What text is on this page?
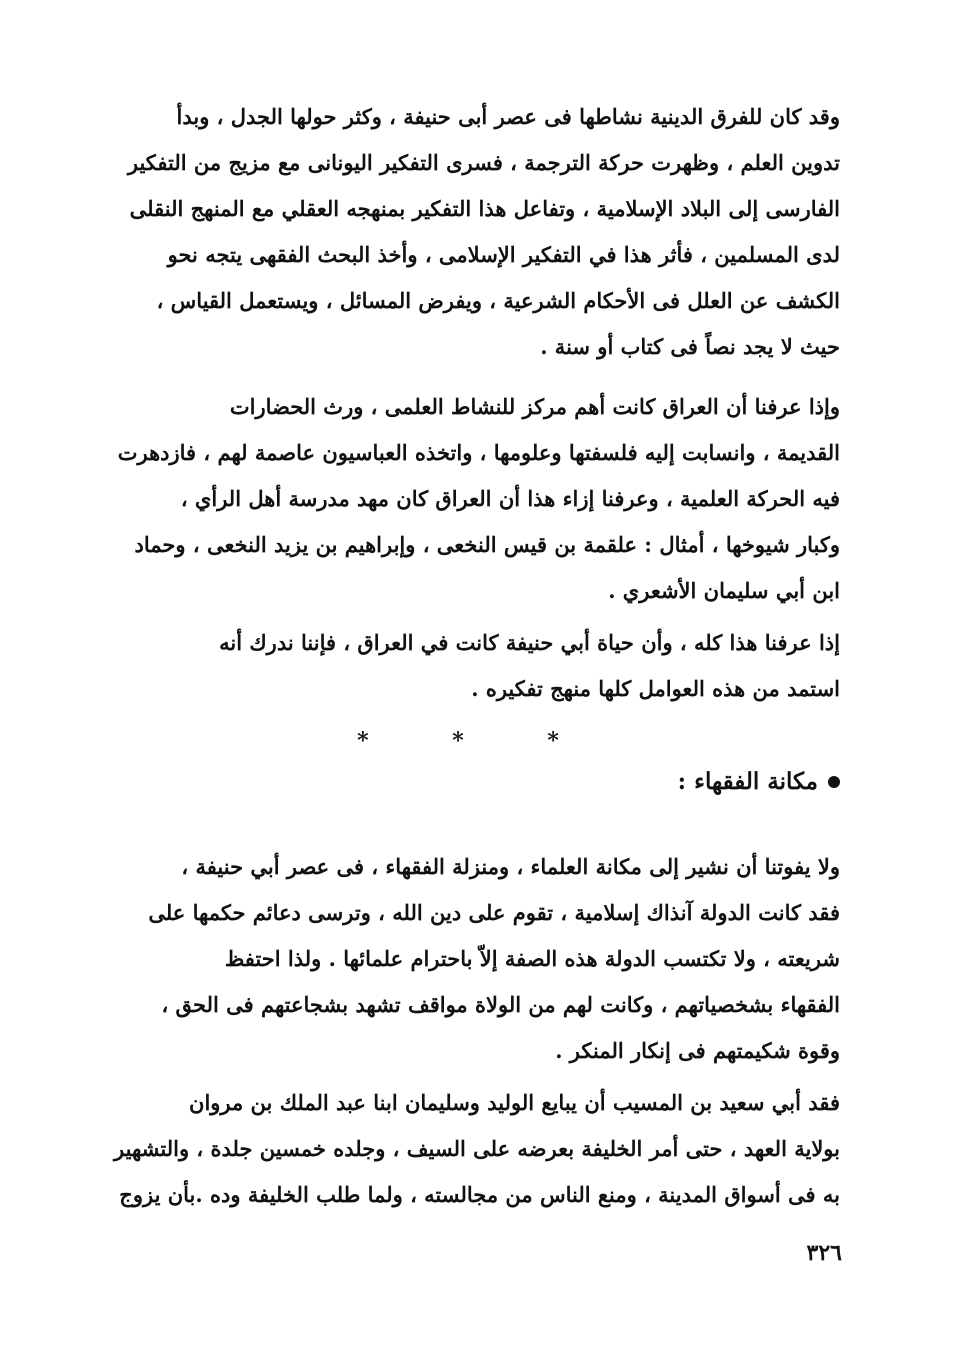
وقد كان للفرق الدينية نشاطها فى عصر أبى حنيفة ، وكثر حولها الجدل ، وبدأ
تدوين العلم ، وظهرت حركة الترجمة ، فسرى التفكير اليونانى مع مزيج من التفكير
الفارسى إلى البلاد الإسلامية ، وتفاعل هذا التفكير بمنهجه العقلي مع المنهج النقلى
لدى المسلمين ، فأثر هذا في التفكير الإسلامى ، وأخذ البحث الفقهى يتجه نحو
الكشف عن العلل فى الأحكام الشرعية ، ويفرض المسائل ، ويستعمل القياس ،
حيث لا يجد نصاً فى كتاب أو سنة .
وإذا عرفنا أن العراق كانت أهم مركز للنشاط العلمى ، ورث الحضارات
القديمة ، وانسابت إليه فلسفتها وعلومها ، واتخذه العباسيون عاصمة لهم ، فازدهرت
فيه الحركة العلمية ، وعرفنا إزاء هذا أن العراق كان مهد مدرسة أهل الرأي ،
وكبار شيوخها ، أمثال : علقمة بن قيس النخعى ، وإبراهيم بن يزيد النخعى ، وحماد
ابن أبي سليمان الأشعري .
إذا عرفنا هذا كله ، وأن حياة أبي حنيفة كانت في العراق ، فإننا ندرك أنه
استمد من هذه العوامل كلها منهج تفكيره .
* * *
مكانة الفقهاء :
ولا يفوتنا أن نشير إلى مكانة العلماء ، ومنزلة الفقهاء ، فى عصر أبي حنيفة ،
فقد كانت الدولة آنذاك إسلامية ، تقوم على دين الله ، وترسى دعائم حكمها على
شريعته ، ولا تكتسب الدولة هذه الصفة إلاّ باحترام علمائها . ولذا احتفظ
الفقهاء بشخصياتهم ، وكانت لهم من الولاة مواقف تشهد بشجاعتهم فى الحق ،
وقوة شكيمتهم فى إنكار المنكر .
فقد أبي سعيد بن المسيب أن يبايع الوليد وسليمان ابنا عبد الملك بن مروان
بولاية العهد ، حتى أمر الخليفة بعرضه على السيف ، وجلده خمسين جلدة ، والتشهير
به فى أسواق المدينة ، ومنع الناس من مجالسته ، ولما طلب الخليفة وده .بأن يزوج
٣٢٦
